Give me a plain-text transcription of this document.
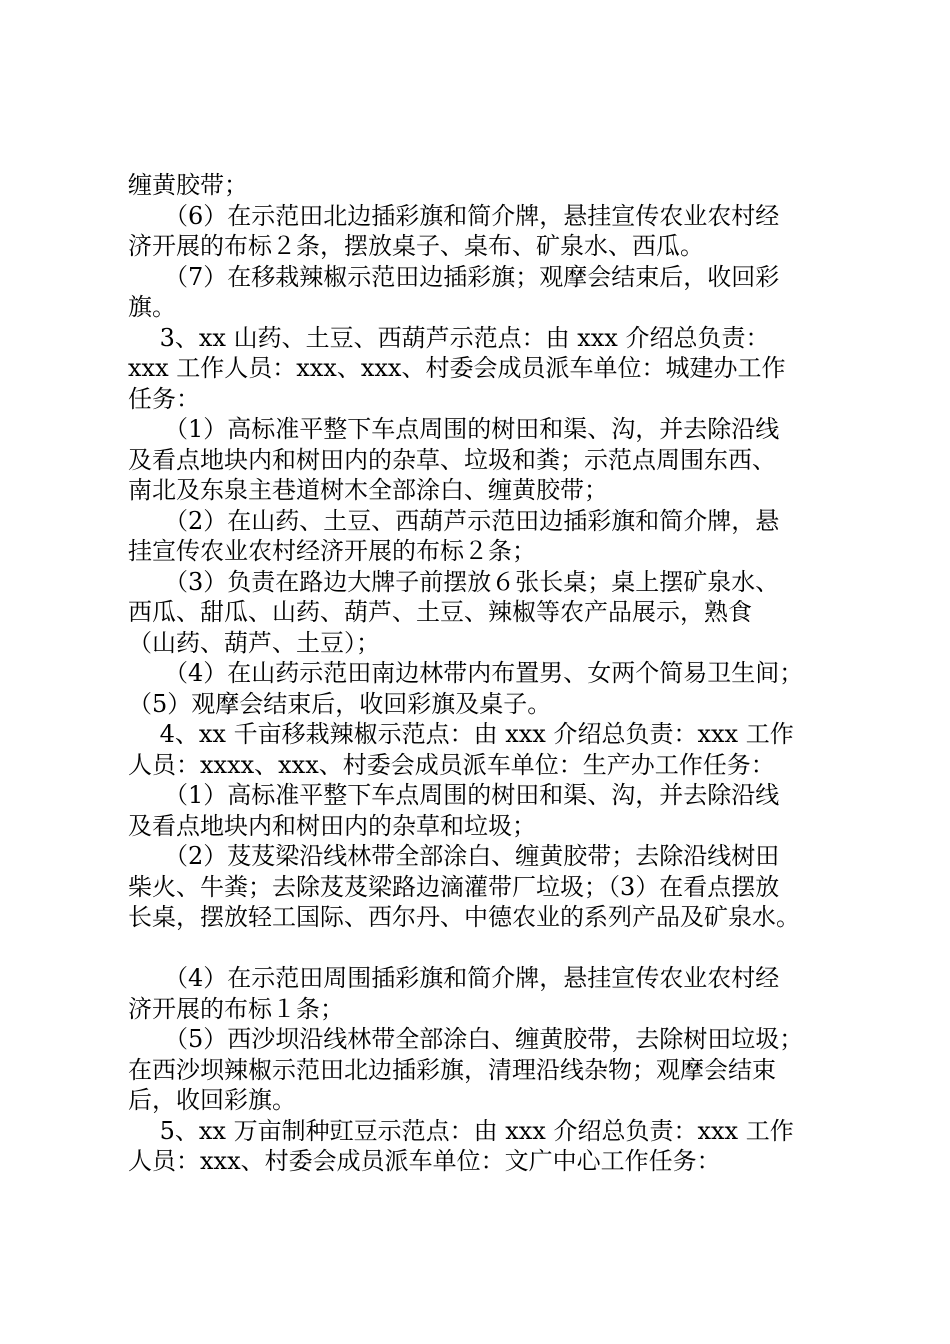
缠黄胶带；
　　（6）在示范田北边插彩旗和简介牌，悬挂宣传农业农村经
济开展的布标２条，摆放桌子、桌布、矿泉水、西瓜。
　　（7）在移栽辣椒示范田边插彩旗；观摩会结束后，收回彩
旗。
　 3、xx 山药、土豆、西葫芦示范点：由 xxx 介绍总负责：
xxx 工作人员：xxx、xxx、村委会成员派车单位：城建办工作
任务：
　　（1）高标准平整下车点周围的树田和渠、沟，并去除沿线
及看点地块内和树田内的杂草、垃圾和粪；示范点周围东西、
南北及东泉主巷道树木全部涂白、缠黄胶带；
　　（2）在山药、土豆、西葫芦示范田边插彩旗和简介牌，悬
挂宣传农业农村经济开展的布标２条；
　　（3）负责在路边大牌子前摆放６张长桌；桌上摆矿泉水、
西瓜、甜瓜、山药、葫芦、土豆、辣椒等农产品展示，熟食
（山药、葫芦、土豆）；
　　（4）在山药示范田南边林带内布置男、女两个简易卫生间；
（5）观摩会结束后，收回彩旗及桌子。
　 4、xx 千亩移栽辣椒示范点：由 xxx 介绍总负责：xxx 工作
人员：xxxx、xxx、村委会成员派车单位：生产办工作任务：
　　（1）高标准平整下车点周围的树田和渠、沟，并去除沿线
及看点地块内和树田内的杂草和垃圾；
　　（2）芨芨梁沿线林带全部涂白、缠黄胶带；去除沿线树田
柴火、牛粪；去除芨芨梁路边滴灌带厂垃圾；（3）在看点摆放
长桌，摆放轻工国际、西尔丹、中德农业的系列产品及矿泉水。
　　（4）在示范田周围插彩旗和简介牌，悬挂宣传农业农村经
济开展的布标１条；
　　（5）西沙坝沿线林带全部涂白、缠黄胶带，去除树田垃圾；
在西沙坝辣椒示范田北边插彩旗，清理沿线杂物；观摩会结束
后，收回彩旗。
　 5、xx 万亩制种豇豆示范点：由 xxx 介绍总负责：xxx 工作
人员：xxx、村委会成员派车单位：文广中心工作任务：
